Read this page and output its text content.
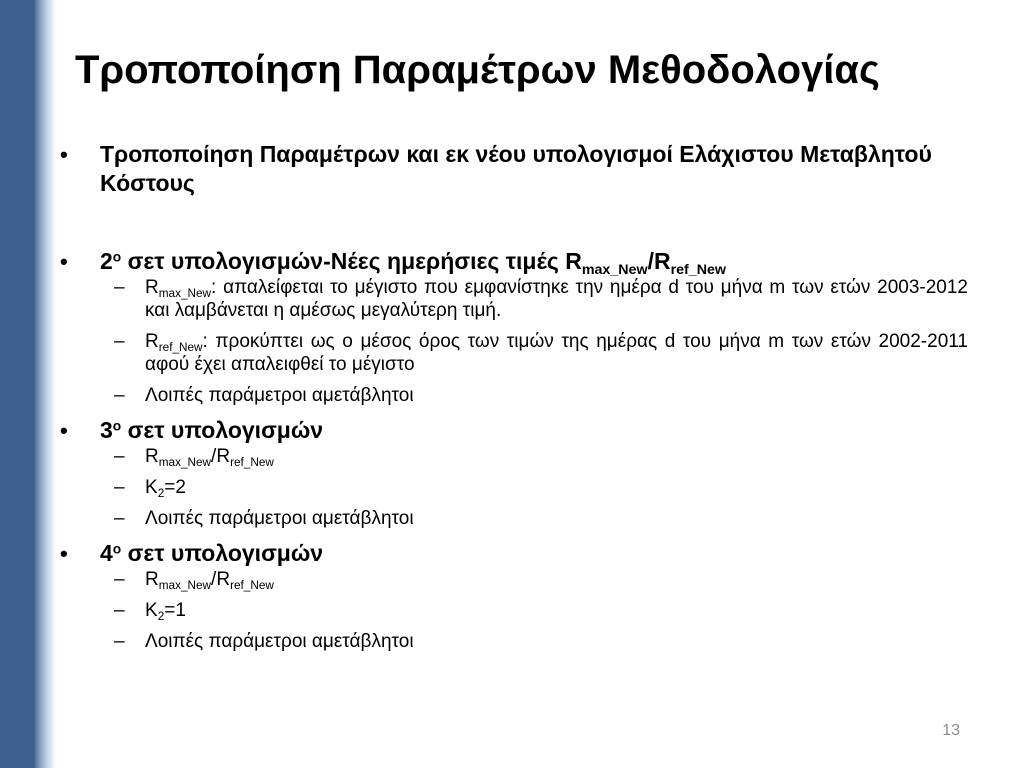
Τροποποίηση Παραμέτρων Μεθοδολογίας
• Τροποποίηση Παραμέτρων και εκ νέου υπολογισμοί Ελάχιστου Μεταβλητού Κόστους
• $2^o$ σετ υπολογισμών-Νέες ημερήσιες τιμές $R_{max\_New}/R_{ref\_New}$
– $R_{max\_New}$: απαλείφεται το μέγιστο που εμφανίστηκε την ημέρα d του μήνα m των ετών 2003-2012 και λαμβάνεται η αμέσως μεγαλύτερη τιμή.
– $R_{ref\_New}$: προκύπτει ως ο μέσος όρος των τιμών της ημέρας d του μήνα m των ετών 2002-2011 αφού έχει απαλειφθεί το μέγιστο
– Λοιπές παράμετροι αμετάβλητοι
• $3^o$ σετ υπολογισμών
– $R_{max\_New}/R_{ref\_New}$
– $K_2=2$
– Λοιπές παράμετροι αμετάβλητοι
• $4^o$ σετ υπολογισμών
– $R_{max\_New}/R_{ref\_New}$
– $K_2=1$
– Λοιπές παράμετροι αμετάβλητοι
13
